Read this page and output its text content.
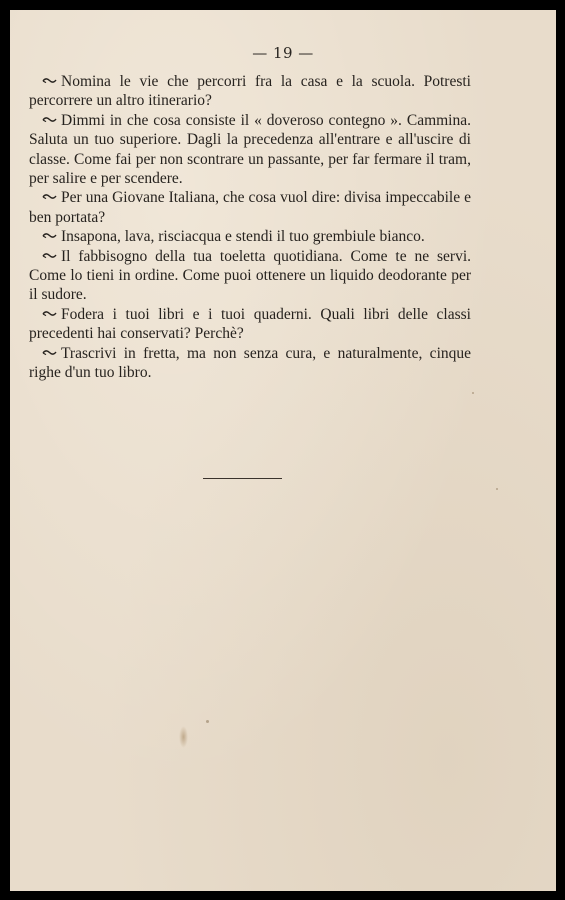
— 19 —

Nomina le vie che percorri fra la casa e la scuola. Potresti percorrere un altro itinerario?

Dimmi in che cosa consiste il « doveroso contegno ». Cammina. Saluta un tuo superiore. Dagli la precedenza all'entrare e all'uscire di classe. Come fai per non scontrare un passante, per far fermare il tram, per salire e per scendere.

Per una Giovane Italiana, che cosa vuol dire: divisa impeccabile e ben portata?

Insapona, lava, risciacqua e stendi il tuo grembiule bianco.

Il fabbisogno della tua toeletta quotidiana. Come te ne servi. Come lo tieni in ordine. Come puoi ottenere un liquido deodorante per il sudore.

Fodera i tuoi libri e i tuoi quaderni. Quali libri delle classi precedenti hai conservati? Perchè?

Trascrivi in fretta, ma non senza cura, e naturalmente, cinque righe d'un tuo libro.
